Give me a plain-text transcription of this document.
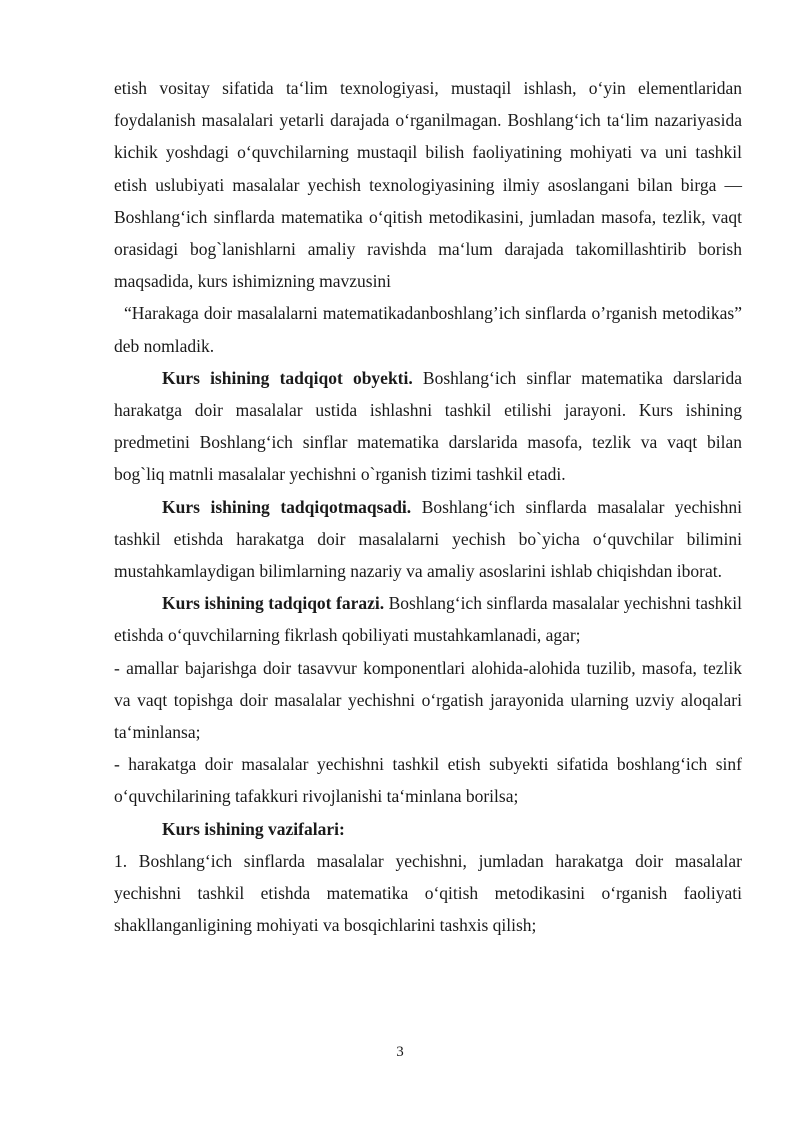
etish vositaу sifatida ta‘lim texnologiyasi, mustaqil ishlash, o‘yin elementlaridan foydalanish masalalari yetarli darajada o‘rganilmagan. Boshlang‘ich ta‘lim nazariyasida kichik yoshdagi o‘quvchilarning mustaqil bilish faoliyatining mohiyati va uni tashkil etish uslubiyati masalalar yechish texnologiyasining ilmiy asoslangani bilan birga —Boshlang‘ich sinflarda matematika o‘qitish metodikasini, jumladan masofa, tezlik, vaqt orasidagi bog`lanishlarni amaliy ravishda ma‘lum darajada takomillashtirib borish maqsadida, kurs ishimizning mavzusini

“Harakaga doir masalalarni matematikadanboshlang’ich sinflarda o’rganish metodikas” deb nomladik.

Kurs ishining tadqiqot obyekti. Boshlang‘ich sinflar matematika darslarida harakatga doir masalalar ustida ishlashni tashkil etilishi jarayoni. Kurs ishining predmetini Boshlang‘ich sinflar matematika darslarida masofa, tezlik va vaqt bilan bog`liq matnli masalalar yechishni o`rganish tizimi tashkil etadi.

Kurs ishining tadqiqotmaqsadi. Boshlang‘ich sinflarda masalalar yechishni tashkil etishda harakatga doir masalalarni yechish bo`yicha o‘quvchilar bilimini mustahkamlaydigan bilimlarning nazariy va amaliy asoslarini ishlab chiqishdan iborat.

Kurs ishining tadqiqot farazi. Boshlang‘ich sinflarda masalalar yechishni tashkil etishda o‘quvchilarning fikrlash qobiliyati mustahkamlanadi, agar;

- amallar bajarishga doir tasavvur komponentlari alohida-alohida tuzilib, masofa, tezlik va vaqt topishga doir masalalar yechishni o‘rgatish jarayonida ularning uzviy aloqalari ta‘minlansa;

- harakatga doir masalalar yechishni tashkil etish subyekti sifatida boshlang‘ich sinf o‘quvchilarining tafakkuri rivojlanishi ta‘minlana borilsa;

Kurs ishining vazifalari:

1. Boshlang‘ich sinflarda masalalar yechishni, jumladan harakatga doir masalalar yechishni tashkil etishda matematika o‘qitish metodikasini o‘rganish faoliyati shakllanganligining mohiyati va bosqichlarini tashxis qilish;

3
